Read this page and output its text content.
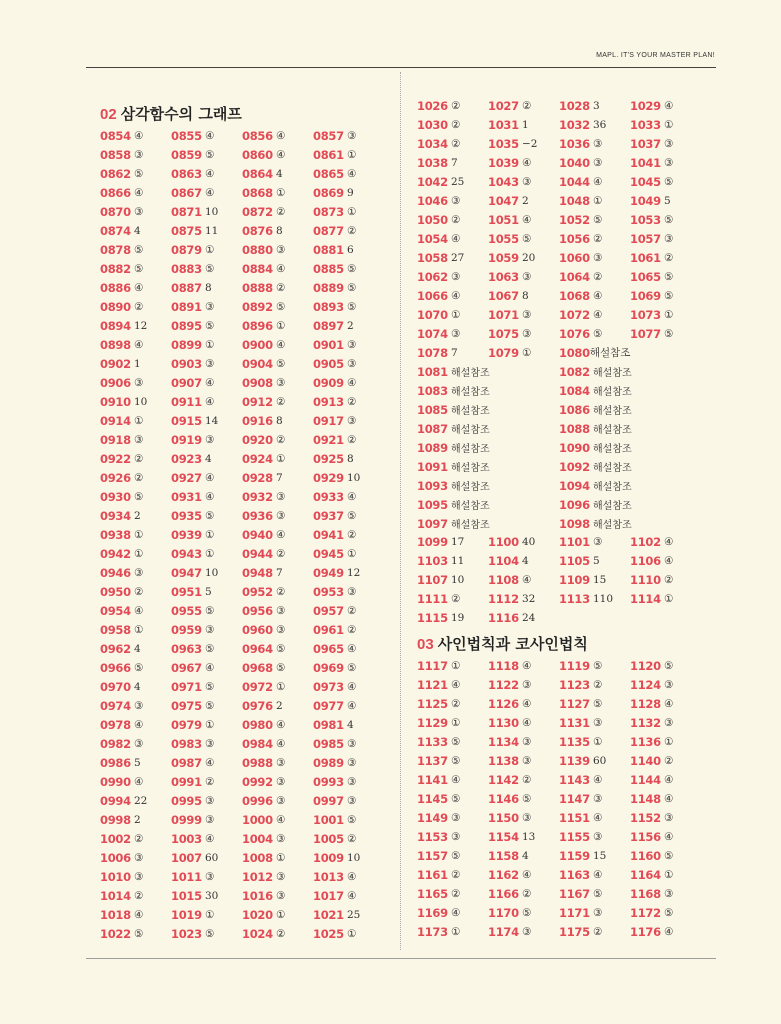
MAPL. IT'S YOUR MASTER PLAN!
02 삼각함수의 그래프
03 사인법칙과 코사인법칙
0854 ④ 0855 ④ 0856 ④ 0857 ③
0858 ③ 0859 ⑤ 0860 ④ 0861 ①
0862 ⑤ 0863 ④ 0864 4	0865 ④
0866 ④ 0867 ④ 0868 ① 0869 9
0870 ③ 0871 10 0872 ② 0873 ①
0874 4	0875 11 0876 8	0877 ②
0878 ⑤ 0879 ① 0880 ③ 0881 6
0882 ⑤ 0883 ⑤ 0884 ④ 0885 ⑤
0886 ④ 0887 8	0888 ② 0889 ⑤
0890 ② 0891 ③ 0892 ⑤ 0893 ⑤
0894 12 0895 ⑤ 0896 ① 0897 2
0898 ④ 0899 ① 0900 ④ 0901 ③
0902 1	0903 ③ 0904 ⑤ 0905 ③
0906 ③ 0907 ④ 0908 ③ 0909 ④
0910 10 0911 ④ 0912 ② 0913 ②
0914 ① 0915 14 0916 8	0917 ③
0918 ③ 0919 ③ 0920 ② 0921 ②
0922 ② 0923 4	0924 ① 0925 8
0926 ② 0927 ④ 0928 7	0929 10
0930 ⑤ 0931 ④ 0932 ③ 0933 ④
0934 2	0935 ⑤ 0936 ③ 0937 ⑤
0938 ① 0939 ① 0940 ④ 0941 ②
0942 ① 0943 ① 0944 ② 0945 ①
0946 ③ 0947 10 0948 7	0949 12
0950 ② 0951 5	0952 ② 0953 ③
0954 ④ 0955 ⑤ 0956 ③ 0957 ②
0958 ① 0959 ③ 0960 ③ 0961 ②
0962 4	0963 ⑤ 0964 ⑤ 0965 ④
0966 ⑤ 0967 ④ 0968 ⑤ 0969 ⑤
0970 4	0971 ⑤ 0972 ① 0973 ④
0974 ③ 0975 ⑤ 0976 2	0977 ④
0978 ④ 0979 ① 0980 ④ 0981 4
0982 ③ 0983 ③ 0984 ④ 0985 ③
0986 5	0987 ④ 0988 ③ 0989 ③
0990 ④ 0991 ② 0992 ③ 0993 ③
0994 22 0995 ③ 0996 ③ 0997 ③
0998 2	0999 ③ 1000 ④ 1001 ⑤
1002 ② 1003 ④ 1004 ③ 1005 ②
1006 ③ 1007 60 1008 ① 1009 10
1010 ③ 1011 ③ 1012 ③ 1013 ④
1014 ② 1015 30 1016 ③ 1017 ④
1018 ④ 1019 ① 1020 ① 1021 25
1022 ⑤ 1023 ⑤ 1024 ② 1025 ①
1026 ② 1027 ② 1028 3	1029 ④
1030 ② 1031 1	1032 36 1033 ①
1034 ② 1035 −2 1036 ③ 1037 ③
1038 7	1039 ④ 1040 ③ 1041 ③
1042 25 1043 ③ 1044 ④ 1045 ⑤
1046 ③ 1047 2	1048 ① 1049 5
1050 ② 1051 ④ 1052 ⑤ 1053 ⑤
1054 ④ 1055 ⑤ 1056 ② 1057 ③
1058 27 1059 20 1060 ③ 1061 ②
1062 ③ 1063 ③ 1064 ② 1065 ⑤
1066 ④ 1067 8	1068 ④ 1069 ⑤
1070 ① 1071 ③ 1072 ④ 1073 ①
1074 ③ 1075 ③ 1076 ⑤ 1077 ⑤
1078 7	1079 ① 1080 해설참조
1081 해설참조	1082 해설참조
1083 해설참조	1084 해설참조
1085 해설참조	1086 해설참조
1087 해설참조	1088 해설참조
1089 해설참조	1090 해설참조
1091 해설참조	1092 해설참조
1093 해설참조	1094 해설참조
1095 해설참조	1096 해설참조
1097 해설참조	1098 해설참조
1099 17 1100 40 1101 ③ 1102 ④
1103 11 1104 4	1105 5	1106 ④
1107 10 1108 ④ 1109 15 1110 ②
1111 ② 1112 32 1113 110 1114 ①
1115 19 1116 24
1117 ① 1118 ④ 1119 ⑤ 1120 ⑤
1121 ④ 1122 ③ 1123 ② 1124 ③
1125 ② 1126 ④ 1127 ⑤ 1128 ④
1129 ① 1130 ④ 1131 ③ 1132 ③
1133 ⑤ 1134 ③ 1135 ① 1136 ①
1137 ⑤ 1138 ③ 1139 60 1140 ②
1141 ④ 1142 ② 1143 ④ 1144 ④
1145 ⑤ 1146 ⑤ 1147 ③ 1148 ④
1149 ③ 1150 ③ 1151 ④ 1152 ③
1153 ③ 1154 13 1155 ③ 1156 ④
1157 ⑤ 1158 4	1159 15 1160 ⑤
1161 ② 1162 ④ 1163 ④ 1164 ①
1165 ② 1166 ② 1167 ⑤ 1168 ③
1169 ④ 1170 ⑤ 1171 ③ 1172 ⑤
1173 ① 1174 ③ 1175 ② 1176 ④
